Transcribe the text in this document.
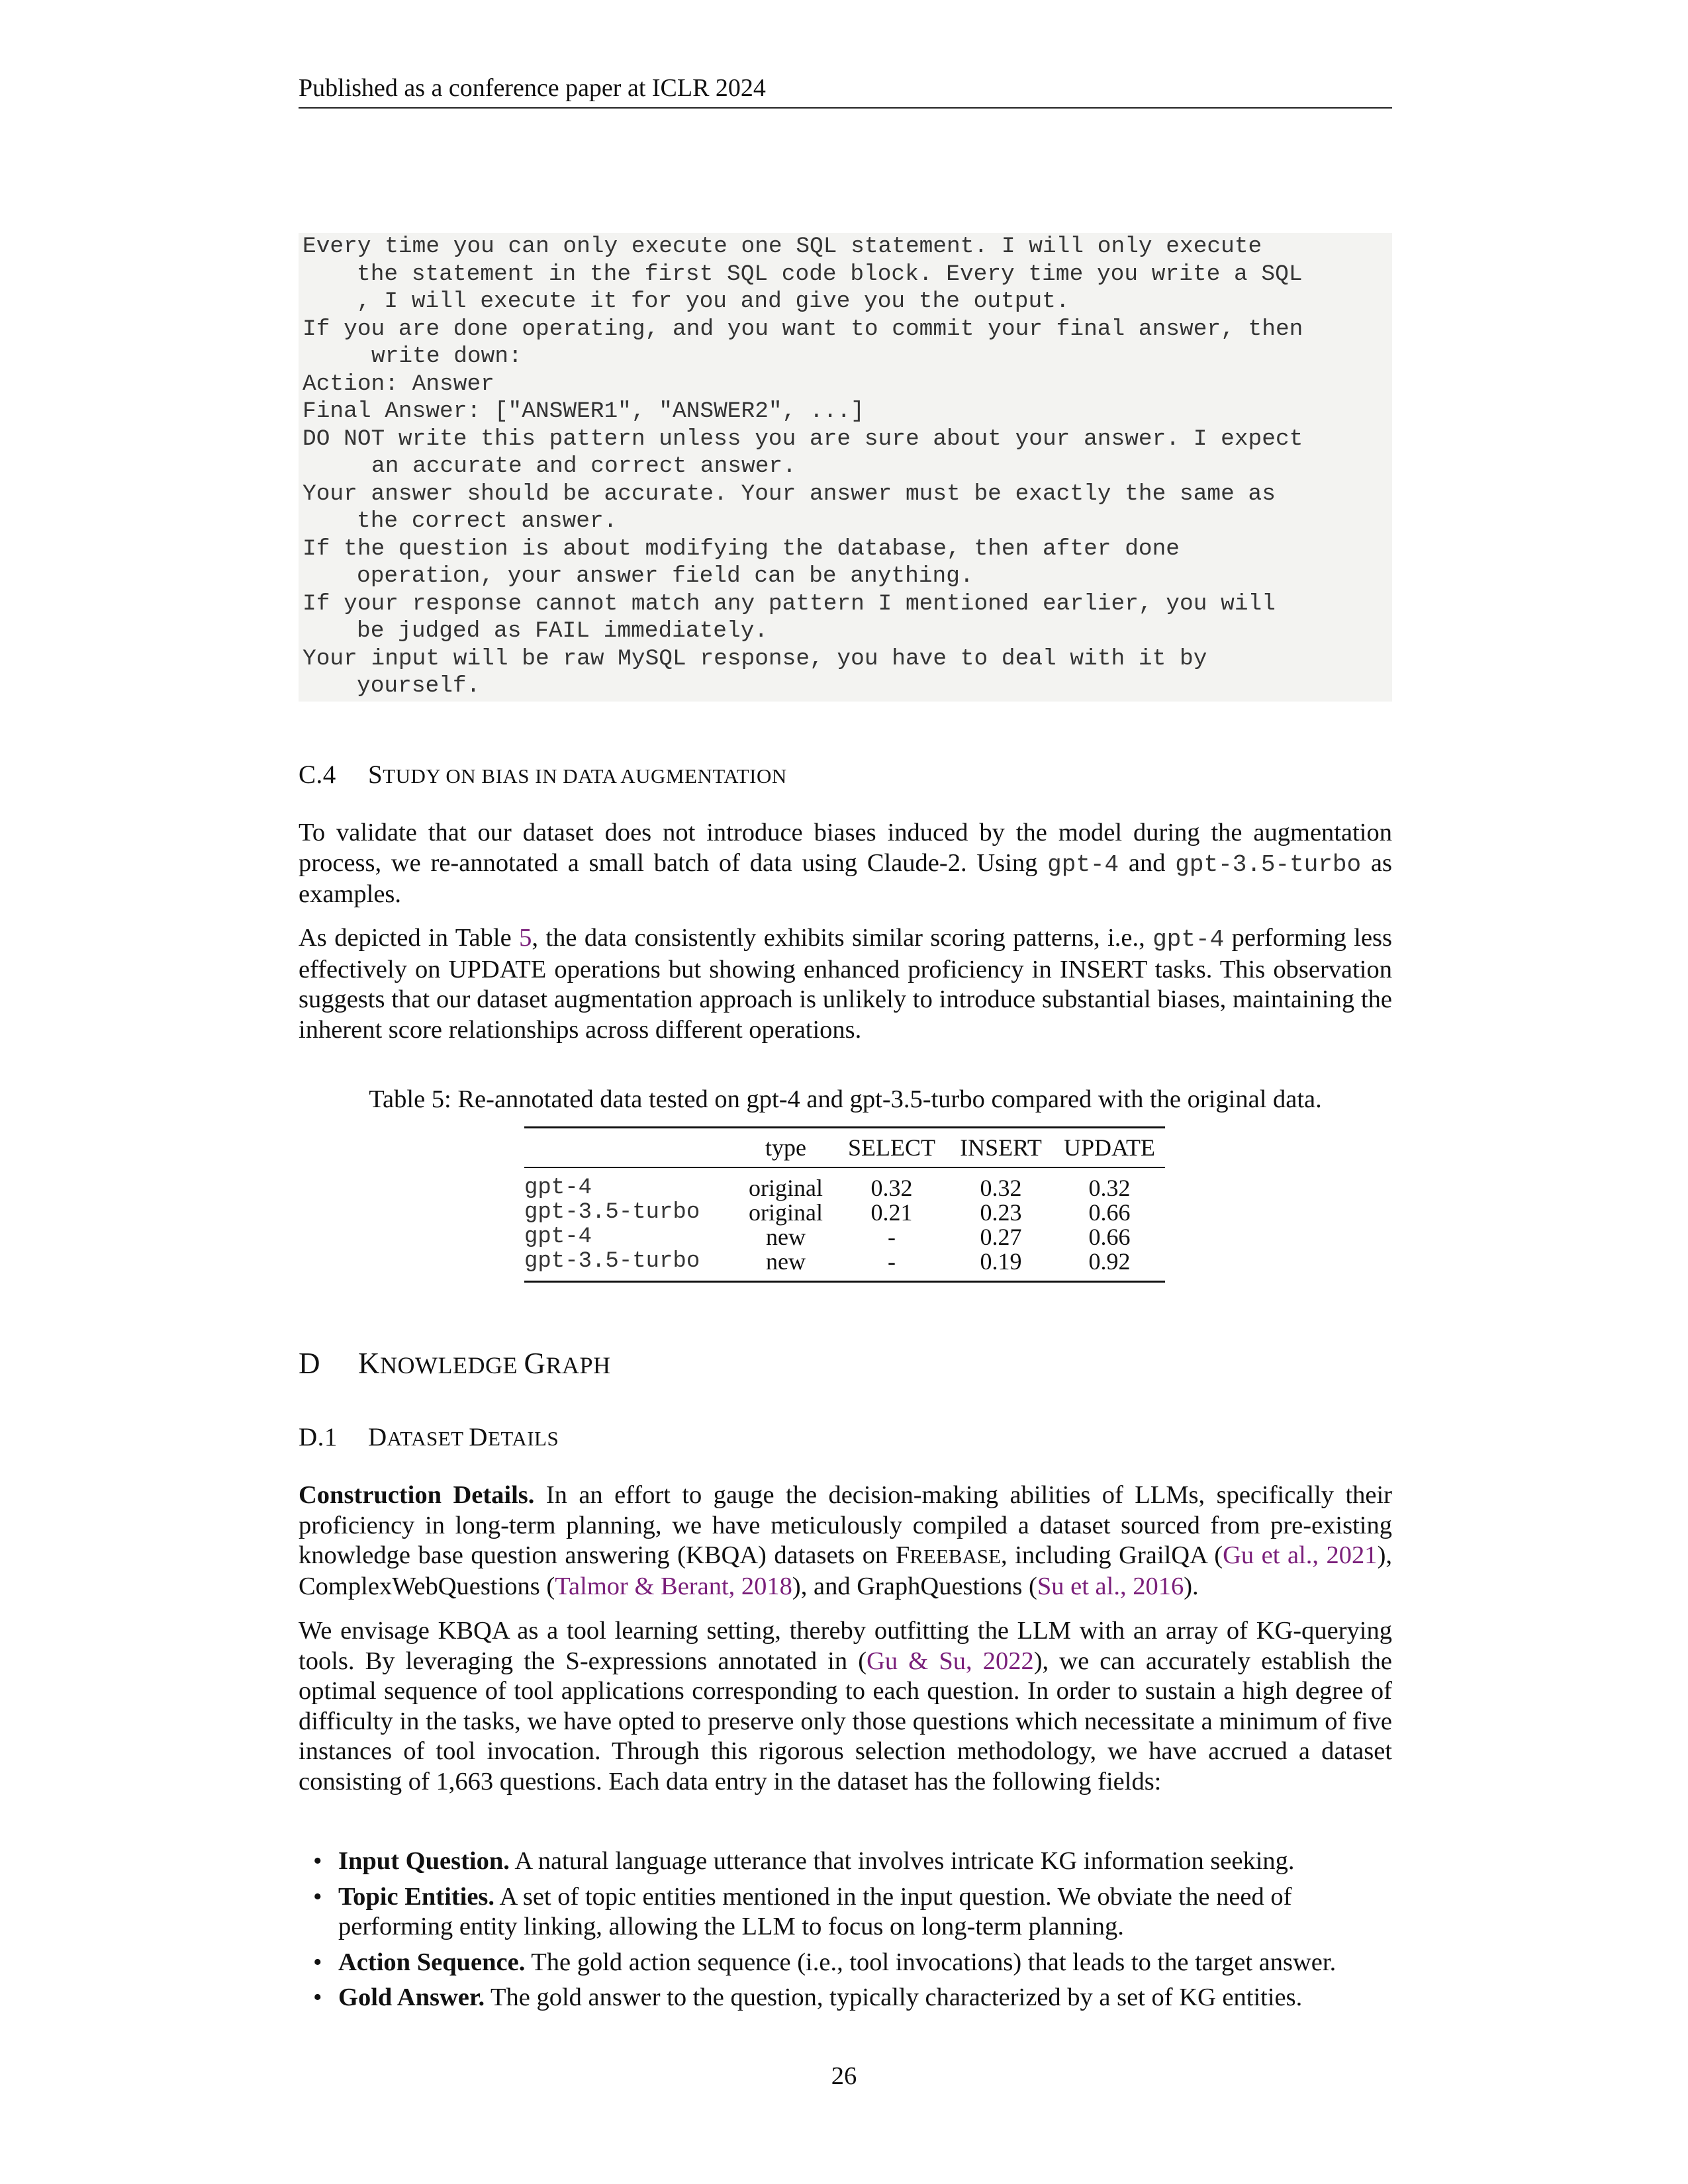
Published as a conference paper at ICLR 2024
Every time you can only execute one SQL statement. I will only execute
the statement in the first SQL code block. Every time you write a SQL
, I will execute it for you and give you the output.
If you are done operating, and you want to commit your final answer, then
write down:
Action: Answer
Final Answer: ["ANSWER1", "ANSWER2", ...]
DO NOT write this pattern unless you are sure about your answer. I expect
an accurate and correct answer.
Your answer should be accurate. Your answer must be exactly the same as
the correct answer.
If the question is about modifying the database, then after done
operation, your answer field can be anything.
If your response cannot match any pattern I mentioned earlier, you will
be judged as FAIL immediately.
Your input will be raw MySQL response, you have to deal with it by
yourself.
C.4 STUDY ON BIAS IN DATA AUGMENTATION
To validate that our dataset does not introduce biases induced by the model during the augmentation process, we re-annotated a small batch of data using Claude-2. Using gpt-4 and gpt-3.5-turbo as examples.
As depicted in Table 5, the data consistently exhibits similar scoring patterns, i.e., gpt-4 performing less effectively on UPDATE operations but showing enhanced proficiency in INSERT tasks. This observation suggests that our dataset augmentation approach is unlikely to introduce substantial biases, maintaining the inherent score relationships across different operations.
Table 5: Re-annotated data tested on gpt-4 and gpt-3.5-turbo compared with the original data.
	type	SELECT	INSERT	UPDATE
gpt-4	original	0.32	0.32	0.32
gpt-3.5-turbo	original	0.21	0.23	0.66
gpt-4	new	-	0.27	0.66
gpt-3.5-turbo	new	-	0.19	0.92
D KNOWLEDGE GRAPH
D.1 DATASET DETAILS
Construction Details. In an effort to gauge the decision-making abilities of LLMs, specifically their proficiency in long-term planning, we have meticulously compiled a dataset sourced from pre-existing knowledge base question answering (KBQA) datasets on FREEBASE, including GrailQA (Gu et al., 2021), ComplexWebQuestions (Talmor & Berant, 2018), and GraphQuestions (Su et al., 2016).
We envisage KBQA as a tool learning setting, thereby outfitting the LLM with an array of KG-querying tools. By leveraging the S-expressions annotated in (Gu & Su, 2022), we can accurately establish the optimal sequence of tool applications corresponding to each question. In order to sustain a high degree of difficulty in the tasks, we have opted to preserve only those questions which necessitate a minimum of five instances of tool invocation. Through this rigorous selection methodology, we have accrued a dataset consisting of 1,663 questions. Each data entry in the dataset has the following fields:
• Input Question. A natural language utterance that involves intricate KG information seeking.
• Topic Entities. A set of topic entities mentioned in the input question. We obviate the need of performing entity linking, allowing the LLM to focus on long-term planning.
• Action Sequence. The gold action sequence (i.e., tool invocations) that leads to the target answer.
• Gold Answer. The gold answer to the question, typically characterized by a set of KG entities.
26
